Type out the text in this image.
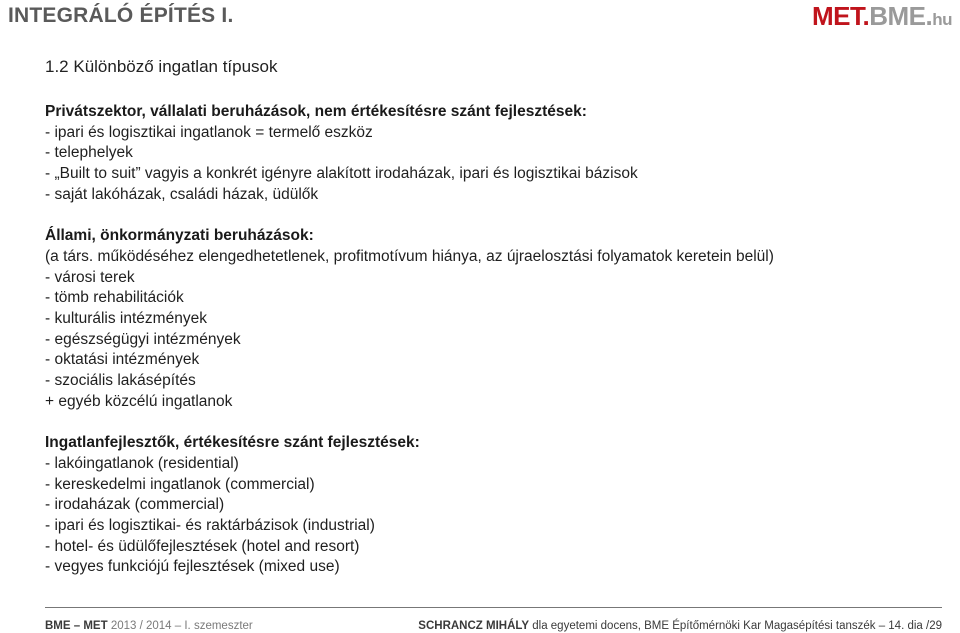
INTEGRÁLÓ ÉPÍTÉS I.	MET.BME.hu
1.2 Különböző ingatlan típusok
Privátszektor, vállalati beruházások, nem értékesítésre szánt fejlesztések:
- ipari és logisztikai ingatlanok = termelő eszköz
- telephelyek
- „Built to suit” vagyis a konkrét igényre alakított irodaházak, ipari és logisztikai bázisok
- saját lakóházak, családi házak, üdülők
Állami, önkormányzati beruházások:
(a társ. működéséhez elengedhetetlenek, profitmotívum hiánya, az újraelosztási folyamatok keretein belül)
- városi terek
- tömb rehabilitációk
- kulturális intézmények
- egészségügyi intézmények
- oktatási intézmények
- szociális lakásépítés
+ egyéb közcélú ingatlanok
Ingatlanfejlesztők, értékesítésre szánt fejlesztések:
- lakóingatlanok (residential)
- kereskedelmi ingatlanok (commercial)
- irodaházak (commercial)
- ipari és logisztikai- és raktárbázisok (industrial)
- hotel- és üdülőfejlesztések (hotel and resort)
- vegyes funkciójú fejlesztések (mixed use)
BME – MET 2013 / 2014 – I. szemeszter	SCHRANCZ MIHÁLY dla egyetemi docens, BME Építőmérnöki Kar Magasépítési tanszék – 14. dia /29
